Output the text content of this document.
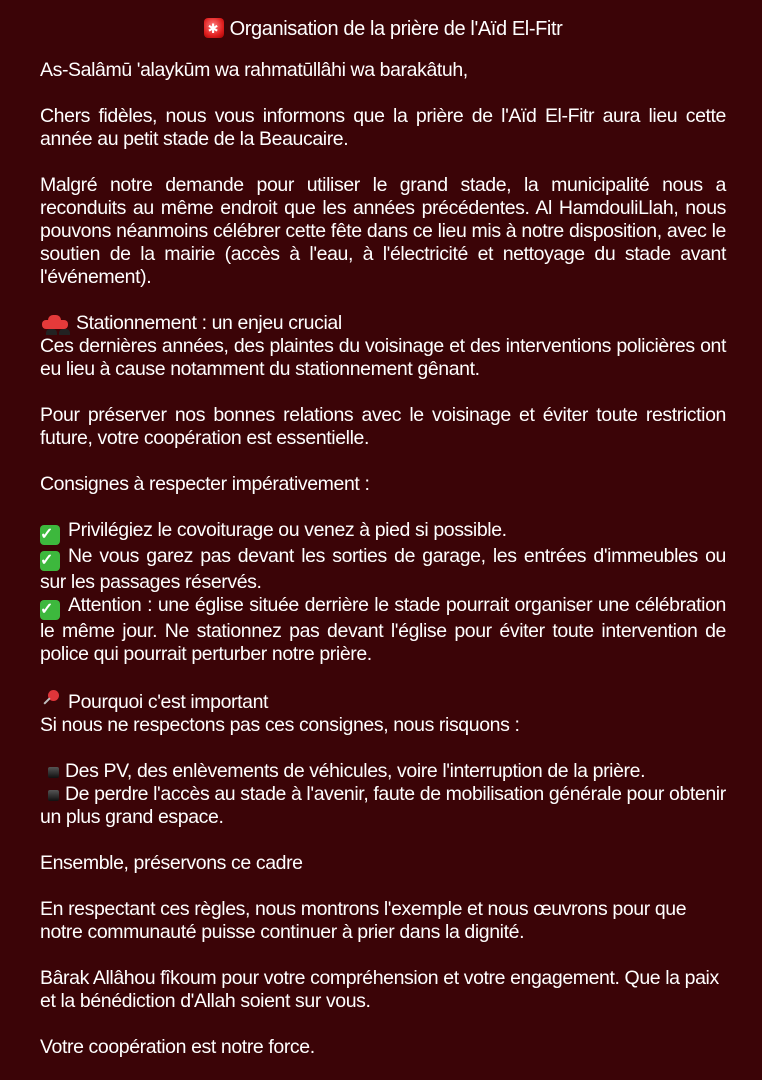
✱Organisation de la prière de l'Aïd El-Fitr
As-Salâmū 'alaykūm wa rahmatūllâhi wa barakâtuh,
Chers fidèles, nous vous informons que la prière de l'Aïd El-Fitr aura lieu cette année au petit stade de la Beaucaire.
Malgré notre demande pour utiliser le grand stade, la municipalité nous a reconduits au même endroit que les années précédentes. Al HamdouliLlah, nous pouvons néanmoins célébrer cette fête dans ce lieu mis à notre disposition, avec le soutien de la mairie (accès à l'eau, à l'électricité et nettoyage du stade avant l'événement).
Stationnement : un enjeu crucial
Ces dernières années, des plaintes du voisinage et des interventions policières ont eu lieu à cause notamment du stationnement gênant.
Pour préserver nos bonnes relations avec le voisinage et éviter toute restriction future, votre coopération est essentielle.
Consignes à respecter impérativement :
✓ Privilégiez le covoiturage ou venez à pied si possible.
✓ Ne vous garez pas devant les sorties de garage, les entrées d'immeubles ou sur les passages réservés.
✓ Attention : une église située derrière le stade pourrait organiser une célébration le même jour. Ne stationnez pas devant l'église pour éviter toute intervention de police qui pourrait perturber notre prière.
Pourquoi c'est important
Si nous ne respectons pas ces consignes, nous risquons :
Des PV, des enlèvements de véhicules, voire l'interruption de la prière.
De perdre l'accès au stade à l'avenir, faute de mobilisation générale pour obtenir un plus grand espace.
Ensemble, préservons ce cadre
En respectant ces règles, nous montrons l'exemple et nous œuvrons pour que notre communauté puisse continuer à prier dans la dignité.
Bârak Allâhou fîkoum pour votre compréhension et votre engagement. Que la paix et la bénédiction d'Allah soient sur vous.
Votre coopération est notre force.
